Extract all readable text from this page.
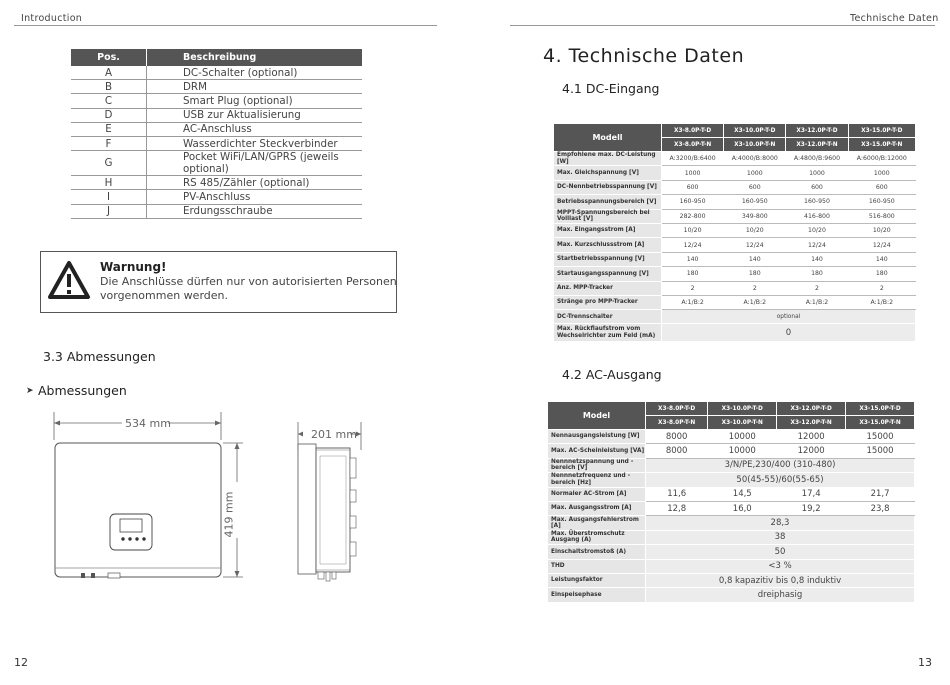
Introduction
Pos.	Beschreibung
A	DC-Schalter (optional)
B	DRM
C	Smart Plug (optional)
D	USB zur Aktualisierung
E	AC-Anschluss
F	Wasserdichter Steckverbinder
G	Pocket WiFi/LAN/GPRS (jeweils optional)
H	RS 485/Zähler (optional)
I	PV-Anschluss
J	Erdungsschraube
Warnung!
Die Anschlüsse dürfen nur von autorisierten Personen
vorgenommen werden.
3.3 Abmessungen
➤ Abmessungen
534 mm
419 mm
201 mm
12
Technische Daten
4. Technische Daten
4.1 DC-Eingang
Modell	X3-8.0P-T-D	X3-10.0P-T-D	X3-12.0P-T-D	X3-15.0P-T-D
	X3-8.0P-T-N	X3-10.0P-T-N	X3-12.0P-T-N	X3-15.0P-T-N
Empfohlene max. DC-Leistung [W]	A:3200/B:6400	A:4000/B:8000	A:4800/B:9600	A:6000/B:12000
Max. Gleichspannung [V]	1000	1000	1000	1000
DC-Nennbetriebsspannung [V]	600	600	600	600
Betriebsspannungsbereich [V]	160-950	160-950	160-950	160-950
MPPT-Spannungsbereich bei Volllast [V]	282-800	349-800	416-800	516-800
Max. Eingangsstrom [A]	10/20	10/20	10/20	10/20
Max. Kurzschlussstrom [A]	12/24	12/24	12/24	12/24
Startbetriebsspannung [V]	140	140	140	140
Startausgangsspannung [V]	180	180	180	180
Anz. MPP-Tracker	2	2	2	2
Stränge pro MPP-Tracker	A:1/B:2	A:1/B:2	A:1/B:2	A:1/B:2
DC-Trennschalter	optional			

Max. Rückflaufstrom vom
Wechselrichter zum Feld (mA)	0			
4.2 AC-Ausgang
Model	X3-8.0P-T-D	X3-10.0P-T-D	X3-12.0P-T-D	X3-15.0P-T-D
	X3-8.0P-T-N	X3-10.0P-T-N	X3-12.0P-T-N	X3-15.0P-T-N
Nennausgangsleistung [W]	8000	10000	12000	15000
Max. AC-Scheinleistung [VA]	8000	10000	12000	15000
Nennnetzspannung und -bereich [V]	3/N/PE,230/400 (310-480)			
Nennnetzfrequenz und -bereich [Hz]	50(45-55)/60(55-65)			
Normaler AC-Strom [A]	11,6	14,5	17,4	21,7
Max. Ausgangsstrom [A]	12,8	16,0	19,2	23,8
Max. Ausgangsfehlerstrom [A]	28,3			
Max. Überstromschutz Ausgang (A)	38			
Einschaltstromstoß (A)	50			
THD	<3 %			
Leistungsfaktor	0,8 kapazitiv bis 0,8 induktiv			
Einspeisephase	dreiphasig			
13
